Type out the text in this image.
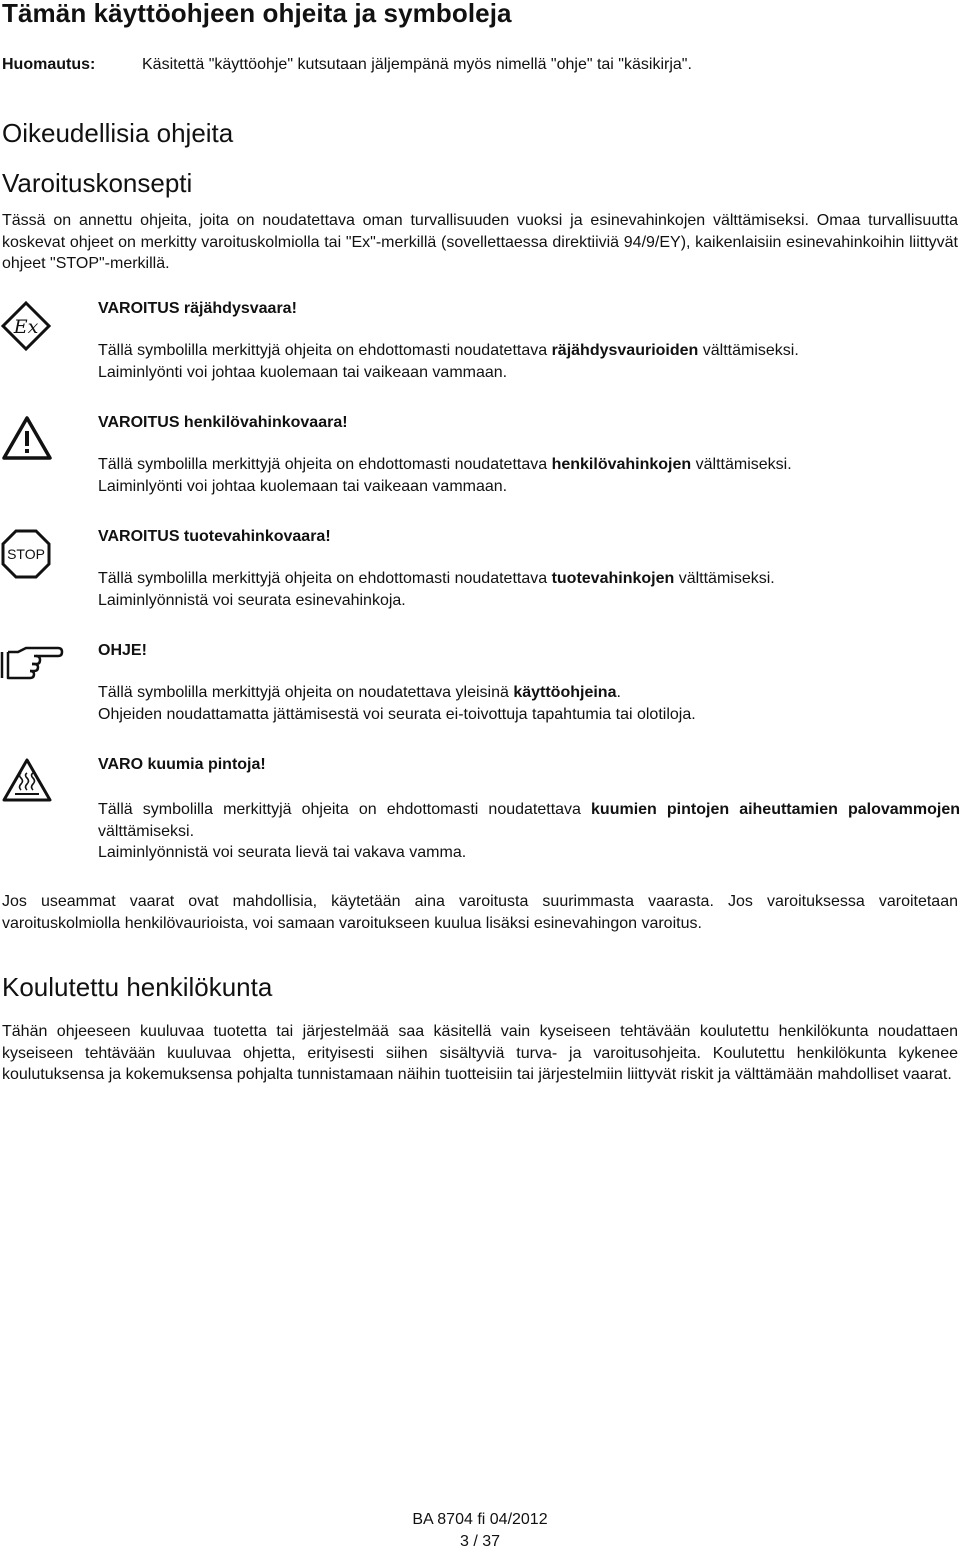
Tämän käyttöohjeen ohjeita ja symboleja
Huomautus:	Käsitettä "käyttöohje" kutsutaan jäljempänä myös nimellä "ohje" tai "käsikirja".
Oikeudellisia ohjeita
Varoituskonsepti

Tässä on annettu ohjeita, joita on noudatettava oman turvallisuuden vuoksi ja esinevahinkojen välttämiseksi. Omaa turvallisuutta koskevat ohjeet on merkitty varoituskolmiolla tai "Ex"-merkillä (sovellettaessa direktiiviä 94/9/EY), kaikenlaisiin esinevahinkoihin liittyvät ohjeet "STOP"-merkillä.

Ex
VAROITUS räjähdysvaara!

Tällä symbolilla merkittyjä ohjeita on ehdottomasti noudatettava räjähdysvaurioiden välttämiseksi.
Laiminlyönti voi johtaa kuolemaan tai vaikeaan vammaan.

VAROITUS henkilövahinkovaara!

Tällä symbolilla merkittyjä ohjeita on ehdottomasti noudatettava henkilövahinkojen välttämiseksi.
Laiminlyönti voi johtaa kuolemaan tai vaikeaan vammaan.

STOP
VAROITUS tuotevahinkovaara!

Tällä symbolilla merkittyjä ohjeita on ehdottomasti noudatettava tuotevahinkojen välttämiseksi.
Laiminlyönnistä voi seurata esinevahinkoja.

OHJE!

Tällä symbolilla merkittyjä ohjeita on noudatettava yleisinä käyttöohjeina.
Ohjeiden noudattamatta jättämisestä voi seurata ei-toivottuja tapahtumia tai olotiloja.

VARO kuumia pintoja!

Tällä symbolilla merkittyjä ohjeita on ehdottomasti noudatettava kuumien pintojen aiheuttamien palovammojen välttämiseksi.
Laiminlyönnistä voi seurata lievä tai vakava vamma.

Jos useammat vaarat ovat mahdollisia, käytetään aina varoitusta suurimmasta vaarasta. Jos varoituksessa varoitetaan varoituskolmiolla henkilövaurioista, voi samaan varoitukseen kuulua lisäksi esinevahingon varoitus.

Koulutettu henkilökunta

Tähän ohjeeseen kuuluvaa tuotetta tai järjestelmää saa käsitellä vain kyseiseen tehtävään koulutettu henkilökunta noudattaen kyseiseen tehtävään kuuluvaa ohjetta, erityisesti siihen sisältyviä turva- ja varoitusohjeita. Koulutettu henkilökunta kykenee koulutuksensa ja kokemuksensa pohjalta tunnistamaan näihin tuotteisiin tai järjestelmiin liittyvät riskit ja välttämään mahdolliset vaarat.

BA 8704 fi 04/2012
3 / 37
